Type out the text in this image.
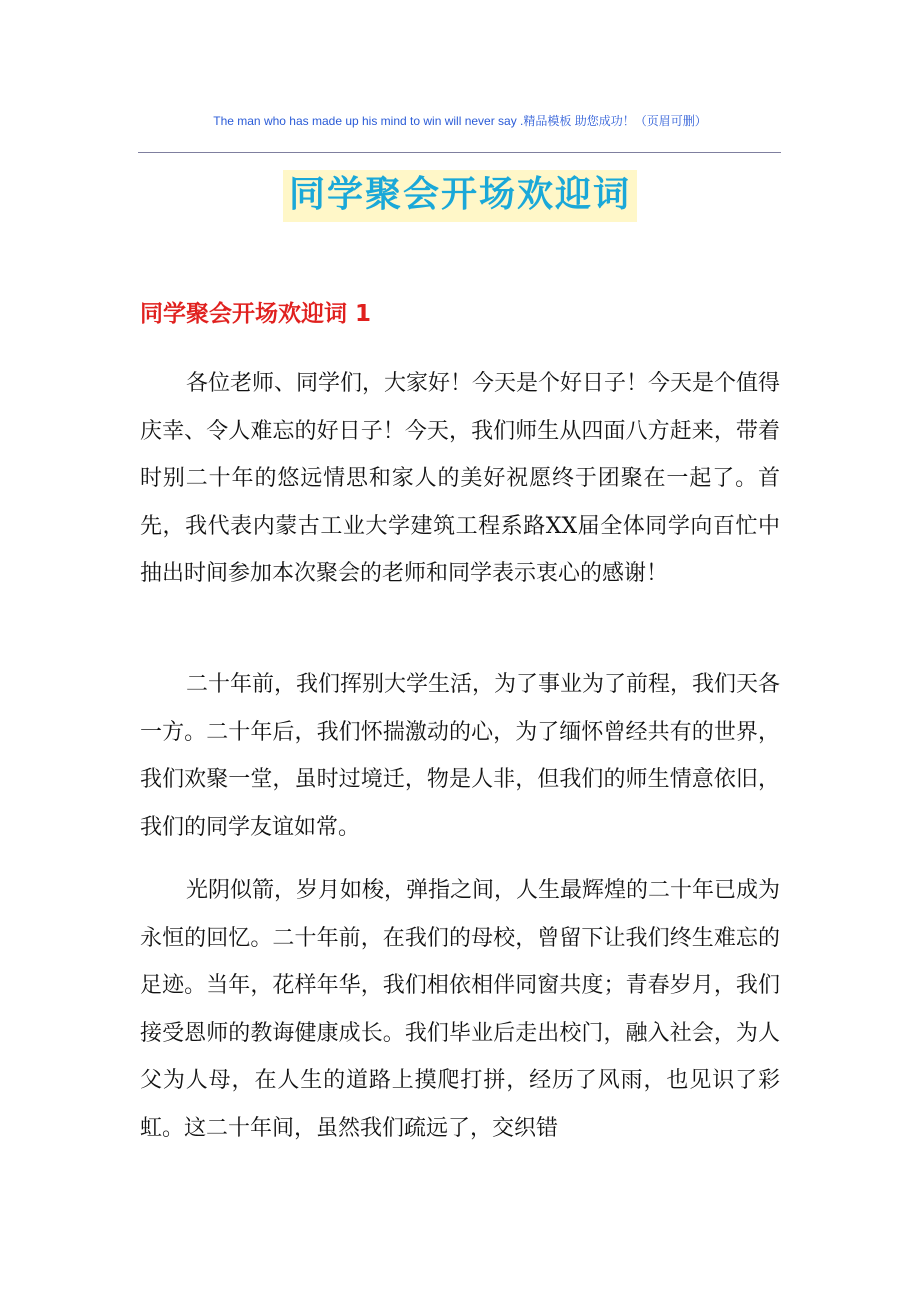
The man who has made up his mind to win will never say .精品模板 助您成功！（页眉可删）
同学聚会开场欢迎词
同学聚会开场欢迎词 1

各位老师、同学们，大家好！今天是个好日子！今天是个值得庆幸、令人难忘的好日子！今天，我们师生从四面八方赶来，带着时别二十年的悠远情思和家人的美好祝愿终于团聚在一起了。首先，我代表内蒙古工业大学建筑工程系路XX届全体同学向百忙中抽出时间参加本次聚会的老师和同学表示衷心的感谢！

二十年前，我们挥别大学生活，为了事业为了前程，我们天各一方。二十年后，我们怀揣激动的心，为了缅怀曾经共有的世界，我们欢聚一堂，虽时过境迁，物是人非，但我们的师生情意依旧，我们的同学友谊如常。

光阴似箭，岁月如梭，弹指之间，人生最辉煌的二十年已成为永恒的回忆。二十年前，在我们的母校，曾留下让我们终生难忘的足迹。当年，花样年华，我们相依相伴同窗共度；青春岁月，我们接受恩师的教诲健康成长。我们毕业后走出校门，融入社会，为人父为人母，在人生的道路上摸爬打拼，经历了风雨，也见识了彩虹。这二十年间，虽然我们疏远了，交织错
